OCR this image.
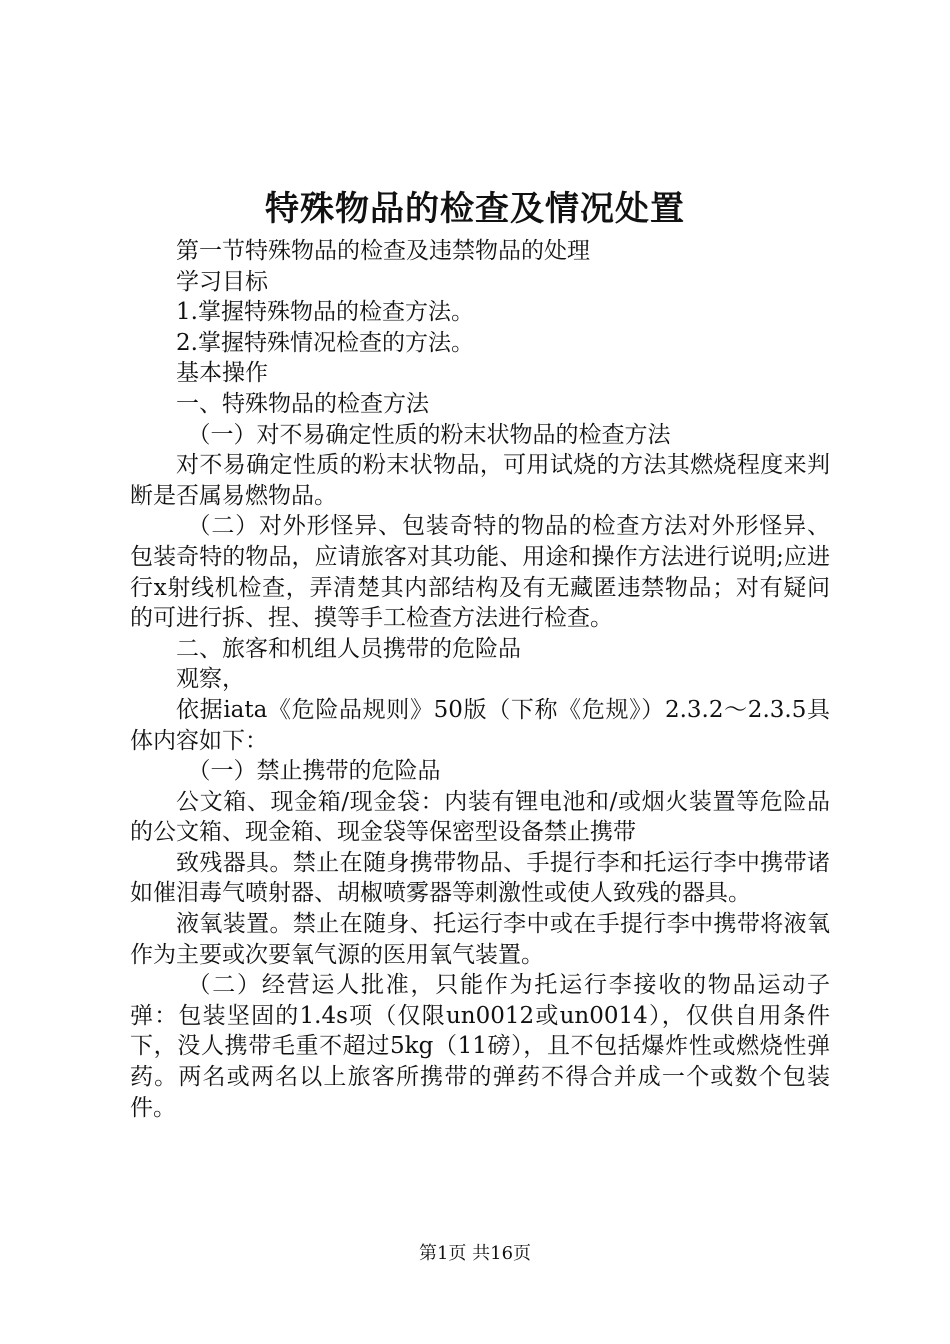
特殊物品的检查及情况处置

第一节特殊物品的检查及违禁物品的处理

学习目标

1.掌握特殊物品的检查方法。

2.掌握特殊情况检查的方法。

基本操作

一、特殊物品的检查方法

（一）对不易确定性质的粉末状物品的检查方法

对不易确定性质的粉末状物品，可用试烧的方法其燃烧程度来判断是否属易燃物品。

（二）对外形怪异、包装奇特的物品的检查方法对外形怪异、包装奇特的物品，应请旅客对其功能、用途和操作方法进行说明;应进行x射线机检查，弄清楚其内部结构及有无藏匿违禁物品；对有疑问的可进行拆、捏、摸等手工检查方法进行检查。

二、旅客和机组人员携带的危险品

观察，

依据iata《危险品规则》50版（下称《危规》）2.3.2～2.3.5具体内容如下：

（一）禁止携带的危险品

公文箱、现金箱/现金袋：内装有锂电池和/或烟火装置等危险品的公文箱、现金箱、现金袋等保密型设备禁止携带

致残器具。禁止在随身携带物品、手提行李和托运行李中携带诸如催泪毒气喷射器、胡椒喷雾器等刺激性或使人致残的器具。

液氧装置。禁止在随身、托运行李中或在手提行李中携带将液氧作为主要或次要氧气源的医用氧气装置。

（二）经营运人批准，只能作为托运行李接收的物品运动子弹：包装坚固的1.4s项（仅限un0012或un0014），仅供自用条件下，没人携带毛重不超过5kg（11磅），且不包括爆炸性或燃烧性弹药。两名或两名以上旅客所携带的弹药不得合并成一个或数个包装件。

第1页 共16页
